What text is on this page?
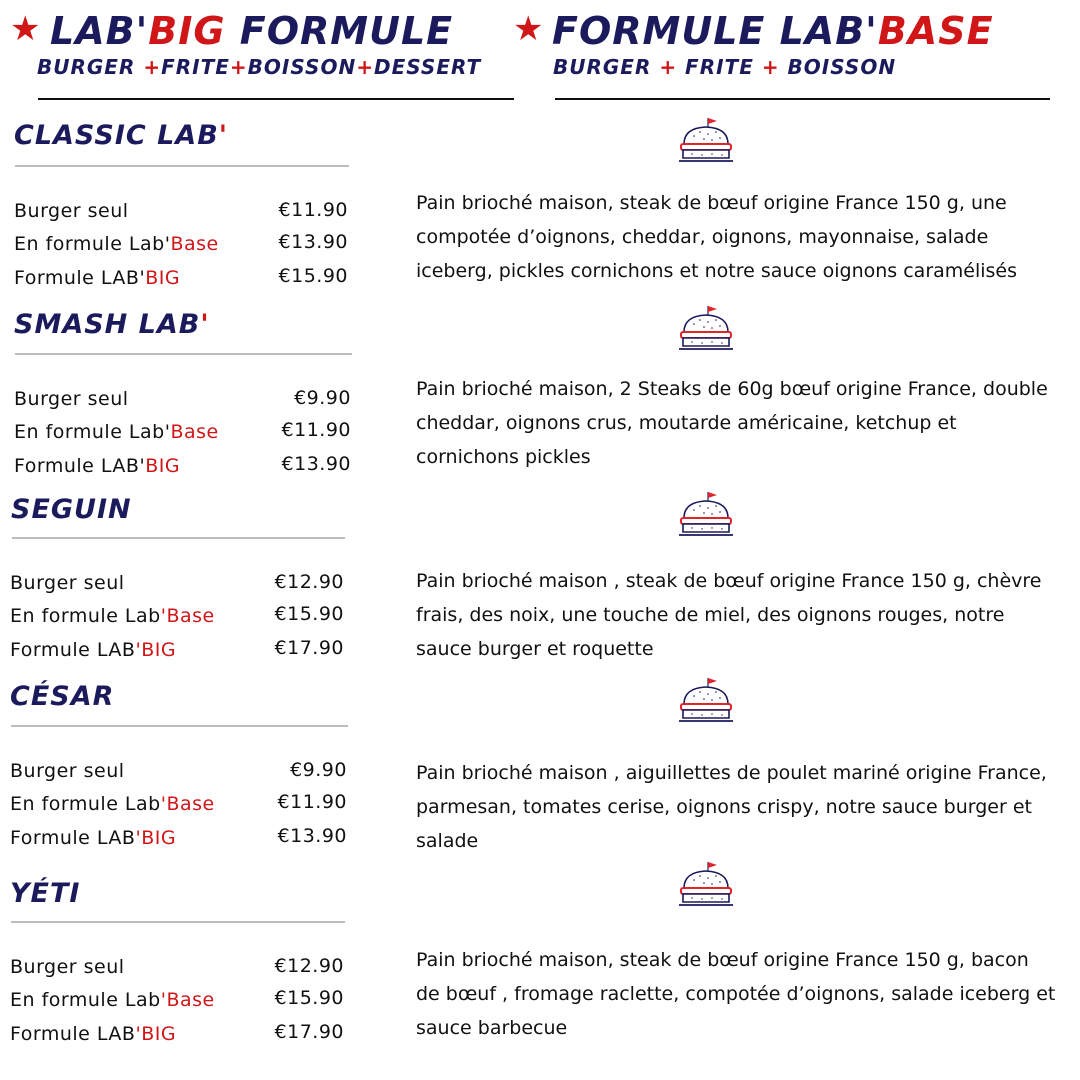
★ LAB'BIG FORMULE
BURGER +FRITE+BOISSON+DESSERT
★ FORMULE LAB'BASE
BURGER + FRITE + BOISSON
CLASSIC LAB'
Burger seul	€11.90
En formule Lab'Base	€13.90
Formule LAB'BIG	€15.90
Pain brioché maison, steak de bœuf origine France 150 g, une compotée d’oignons, cheddar, oignons, mayonnaise, salade iceberg, pickles cornichons et notre sauce oignons caramélisés
SMASH LAB'
Burger seul	€9.90
En formule Lab'Base	€11.90
Formule LAB'BIG	€13.90
Pain brioché maison, 2 Steaks de 60g bœuf origine France, double cheddar, oignons crus, moutarde américaine, ketchup et cornichons pickles
SEGUIN
Burger seul	€12.90
En formule Lab'Base	€15.90
Formule LAB'BIG	€17.90
Pain brioché maison , steak de bœuf origine France 150 g, chèvre frais, des noix, une touche de miel, des oignons rouges, notre sauce burger et roquette
CÉSAR
Burger seul	€9.90
En formule Lab'Base	€11.90
Formule LAB'BIG	€13.90
Pain brioché maison , aiguillettes de poulet mariné origine France, parmesan, tomates cerise, oignons crispy, notre sauce burger et salade
YÉTI
Burger seul	€12.90
En formule Lab'Base	€15.90
Formule LAB'BIG	€17.90
Pain brioché maison, steak de bœuf origine France 150 g, bacon de bœuf , fromage raclette, compotée d’oignons, salade iceberg et sauce barbecue
